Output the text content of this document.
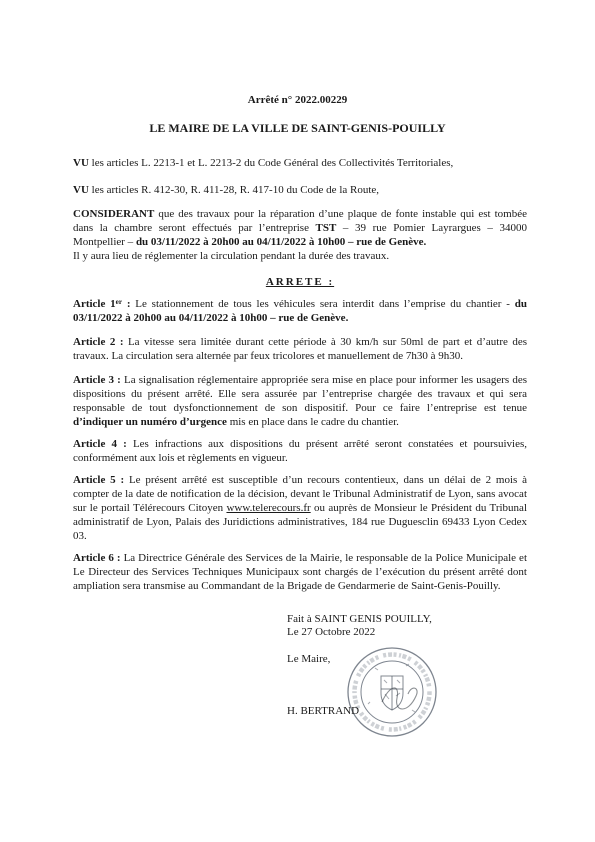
Arrêté n° 2022.00229
LE MAIRE DE LA VILLE DE SAINT-GENIS-POUILLY

VU les articles L. 2213-1 et L. 2213-2 du Code Général des Collectivités Territoriales,

VU les articles R. 412-30, R. 411-28, R. 417-10 du Code de la Route,

CONSIDERANT que des travaux pour la réparation d’une plaque de fonte instable qui est tombée dans la chambre seront effectués par l’entreprise TST – 39 rue Pomier Layrargues – 34000 Montpellier – du 03/11/2022 à 20h00 au 04/11/2022 à 10h00 – rue de Genève.

Il y aura lieu de réglementer la circulation pendant la durée des travaux.

ARRETE :

Article 1er : Le stationnement de tous les véhicules sera interdit dans l’emprise du chantier - du 03/11/2022 à 20h00 au 04/11/2022 à 10h00 – rue de Genève.

Article 2 : La vitesse sera limitée durant cette période à 30 km/h sur 50ml de part et d’autre des travaux. La circulation sera alternée par feux tricolores et manuellement de 7h30 à 9h30.

Article 3 : La signalisation réglementaire appropriée sera mise en place pour informer les usagers des dispositions du présent arrêté. Elle sera assurée par l’entreprise chargée des travaux et qui sera responsable de tout dysfonctionnement de son dispositif. Pour ce faire l’entreprise est tenue d’indiquer un numéro d’urgence mis en place dans le cadre du chantier.

Article 4 : Les infractions aux dispositions du présent arrêté seront constatées et poursuivies, conformément aux lois et règlements en vigueur.

Article 5 : Le présent arrêté est susceptible d’un recours contentieux, dans un délai de 2 mois à compter de la date de notification de la décision, devant le Tribunal Administratif de Lyon, sans avocat sur le portail Télérecours Citoyen www.telerecours.fr ou auprès de Monsieur le Président du Tribunal administratif de Lyon, Palais des Juridictions administratives, 184 rue Duguesclin 69433 Lyon Cedex 03.

Article 6 : La Directrice Générale des Services de la Mairie, le responsable de la Police Municipale et Le Directeur des Services Techniques Municipaux sont chargés de l’exécution du présent arrêté dont ampliation sera transmise au Commandant de la Brigade de Gendarmerie de Saint-Genis-Pouilly.

Fait à SAINT GENIS POUILLY,
Le 27 Octobre 2022
Le Maire,
H. BERTRAND
